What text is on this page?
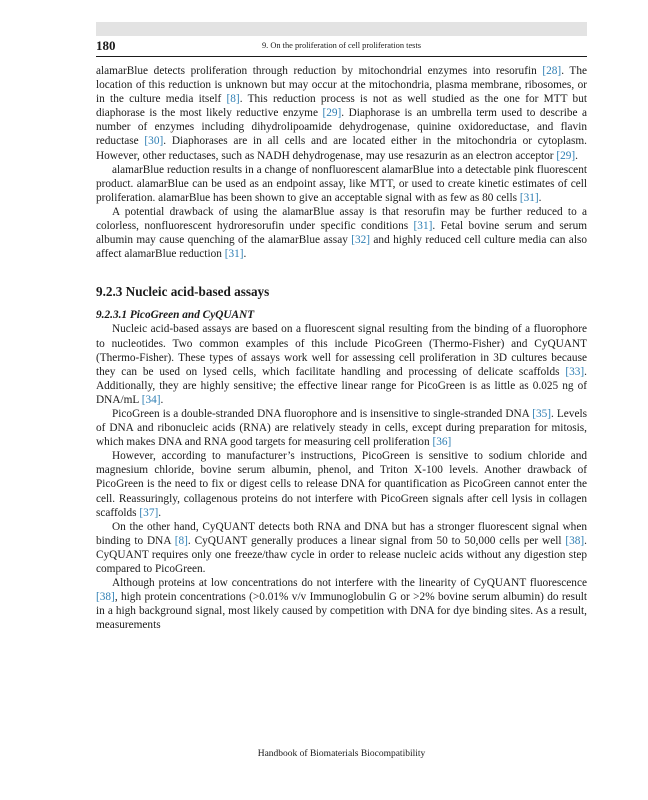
180	9. On the proliferation of cell proliferation tests

alamarBlue detects proliferation through reduction by mitochondrial enzymes into resorufin [28]. The location of this reduction is unknown but may occur at the mitochondria, plasma membrane, ribosomes, or in the culture media itself [8]. This reduction process is not as well studied as the one for MTT but diaphorase is the most likely reductive enzyme [29]. Diaphorase is an umbrella term used to describe a number of enzymes including dihydrolipoamide dehydrogenase, quinine oxidoreductase, and flavin reductase [30]. Diaphorases are in all cells and are located either in the mitochondria or cytoplasm. However, other reductases, such as NADH dehydrogenase, may use resazurin as an electron acceptor [29].

alamarBlue reduction results in a change of nonfluorescent alamarBlue into a detectable pink fluorescent product. alamarBlue can be used as an endpoint assay, like MTT, or used to create kinetic estimates of cell proliferation. alamarBlue has been shown to give an acceptable signal with as few as 80 cells [31].

A potential drawback of using the alamarBlue assay is that resorufin may be further reduced to a colorless, nonfluorescent hydroresorufin under specific conditions [31]. Fetal bovine serum and serum albumin may cause quenching of the alamarBlue assay [32] and highly reduced cell culture media can also affect alamarBlue reduction [31].

9.2.3 Nucleic acid-based assays
9.2.3.1 PicoGreen and CyQUANT

Nucleic acid-based assays are based on a fluorescent signal resulting from the binding of a fluorophore to nucleotides. Two common examples of this include PicoGreen (Thermo-Fisher) and CyQUANT (Thermo-Fisher). These types of assays work well for assessing cell proliferation in 3D cultures because they can be used on lysed cells, which facilitate handling and processing of delicate scaffolds [33]. Additionally, they are highly sensitive; the effective linear range for PicoGreen is as little as 0.025 ng of DNA/mL [34].

PicoGreen is a double-stranded DNA fluorophore and is insensitive to single-stranded DNA [35]. Levels of DNA and ribonucleic acids (RNA) are relatively steady in cells, except during preparation for mitosis, which makes DNA and RNA good targets for measuring cell proliferation [36]

However, according to manufacturer’s instructions, PicoGreen is sensitive to sodium chloride and magnesium chloride, bovine serum albumin, phenol, and Triton X-100 levels. Another drawback of PicoGreen is the need to fix or digest cells to release DNA for quantification as PicoGreen cannot enter the cell. Reassuringly, collagenous proteins do not interfere with PicoGreen signals after cell lysis in collagen scaffolds [37].

On the other hand, CyQUANT detects both RNA and DNA but has a stronger fluorescent signal when binding to DNA [8]. CyQUANT generally produces a linear signal from 50 to 50,000 cells per well [38]. CyQUANT requires only one freeze/thaw cycle in order to release nucleic acids without any digestion step compared to PicoGreen.

Although proteins at low concentrations do not interfere with the linearity of CyQUANT fluorescence [38], high protein concentrations (>0.01% v/v Immunoglobulin G or >2% bovine serum albumin) do result in a high background signal, most likely caused by competition with DNA for dye binding sites. As a result, measurements

Handbook of Biomaterials Biocompatibility
